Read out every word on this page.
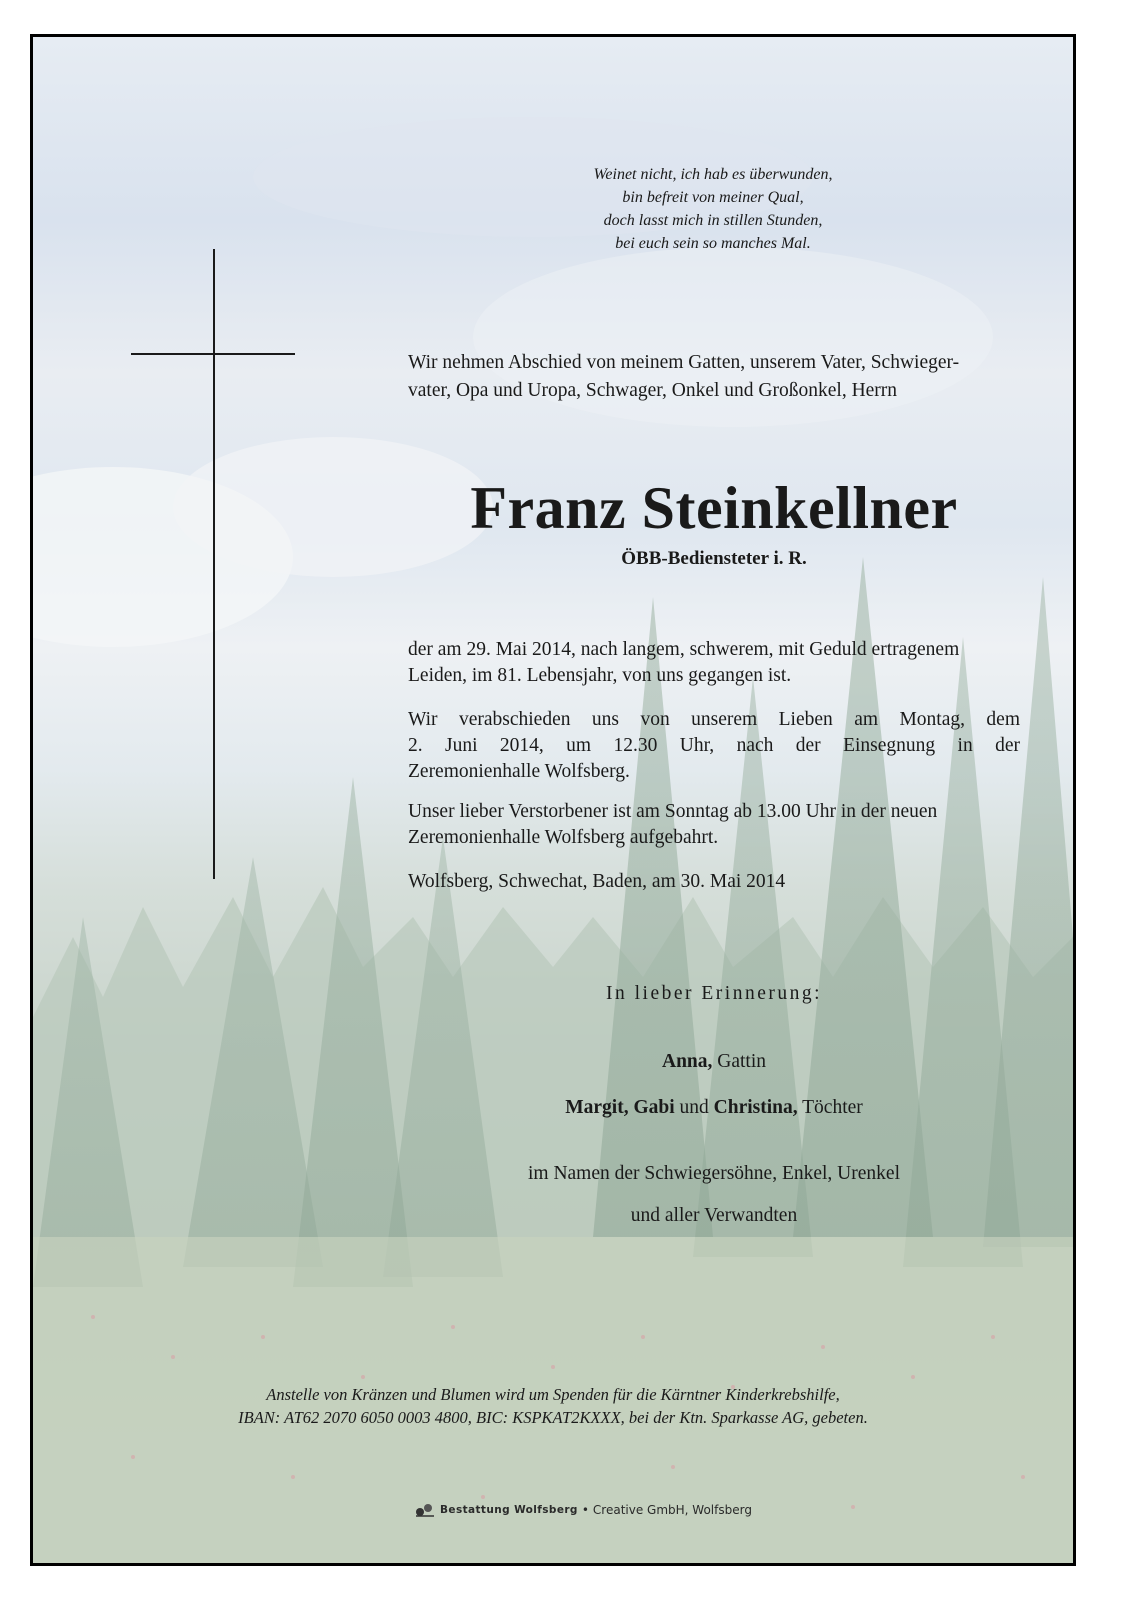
Weinet nicht, ich hab es überwunden,
bin befreit von meiner Qual,
doch lasst mich in stillen Stunden,
bei euch sein so manches Mal.
Wir nehmen Abschied von meinem Gatten, unserem Vater, Schwieger-
vater, Opa und Uropa, Schwager, Onkel und Großonkel, Herrn
Franz Steinkellner
ÖBB-Bediensteter i. R.
der am 29. Mai 2014, nach langem, schwerem, mit Geduld ertragenem
Leiden, im 81. Lebensjahr, von uns gegangen ist.
Wir verabschieden uns von unserem Lieben am Montag, dem
2. Juni 2014, um 12.30 Uhr, nach der Einsegnung in der
Zeremonienhalle Wolfsberg.
Unser lieber Verstorbener ist am Sonntag ab 13.00 Uhr in der neuen
Zeremonienhalle Wolfsberg aufgebahrt.
Wolfsberg, Schwechat, Baden, am 30. Mai 2014
In lieber Erinnerung:
Anna, Gattin
Margit, Gabi und Christina, Töchter
im Namen der Schwiegersöhne, Enkel, Urenkel
und aller Verwandten
Anstelle von Kränzen und Blumen wird um Spenden für die Kärntner Kinderkrebshilfe,
IBAN: AT62 2070 6050 0003 4800, BIC: KSPKAT2KXXX, bei der Ktn. Sparkasse AG, gebeten.
Bestattung Wolfsberg • Creative GmbH, Wolfsberg
